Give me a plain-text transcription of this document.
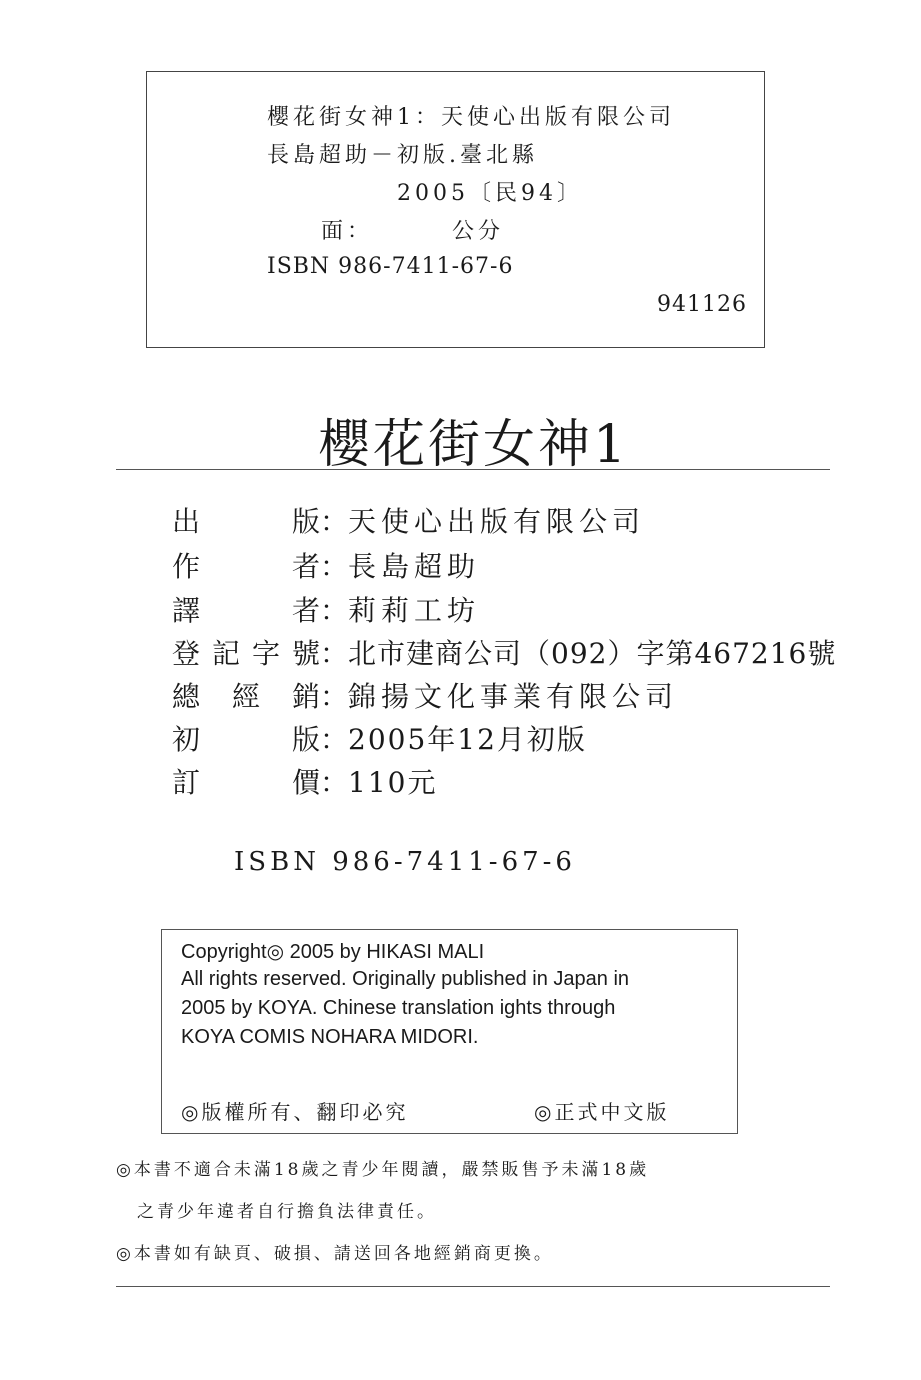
櫻花街女神1：天使心出版有限公司
長島超助－初版.臺北縣
2005〔民94〕
面：	公分
ISBN 986-7411-67-6
941126
櫻花街女神1
出	版 ： 天使心出版有限公司
作	者 ： 長島超助
譯	者 ： 莉莉工坊
登 記 字 號 ： 北市建商公司（092）字第467216號
總 經 銷 ： 錦揚文化事業有限公司
初	版 ： 2005年12月初版
訂	價 ： 110元
ISBN 986-7411-67-6
Copyright◎ 2005 by HIKASI MALI
All rights reserved. Originally published in Japan in
2005 by KOYA. Chinese translation ights through
KOYA COMIS NOHARA MIDORI.
◎版權所有、翻印必究	◎正式中文版
◎本書不適合未滿18歲之青少年閱讀，嚴禁販售予未滿18歲
之青少年違者自行擔負法律責任。
◎本書如有缺頁、破損、請送回各地經銷商更換。
